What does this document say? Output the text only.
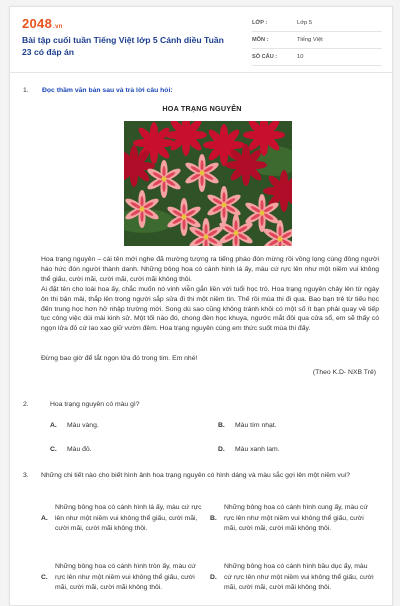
2048.vn
Bài tập cuối tuần Tiếng Việt lớp 5 Cánh diều Tuần 23 có đáp án
LỚP :	Lớp 5
MÔN :	Tiếng Việt
SỐ CÂU :	10
1. Đọc thầm văn bản sau và trả lời câu hỏi:
HOA TRẠNG NGUYÊN
Hoa trạng nguyên – cái tên mới nghe đã mường tượng ra tiếng pháo đón mừng rồi vồng lọng cùng đông người háo hức đón người thành danh. Những bông hoa có cánh hình lá ấy, màu cứ rực lên như một niềm vui không thể giấu, cười mãi, cười mãi, cười mãi không thôi.
Ai đặt tên cho loài hoa ấy, chắc muốn nó vinh viễn gắn liền với tuổi học trò. Hoa trạng nguyên chảy lên từ ngày ôn thi bận mải, thắp lên trong người sắp sửa đi thi một niềm tin. Thế rồi mùa thi đi qua. Bao bạn trẻ từ tiếu học đến trung học hơn hở nhập trường mới. Song dù sao cũng không tránh khỏi có một số ít bạn phải quay về tiếp tục công việc dùi mài kinh sử. Một tối nào đó, chong đèn học khuya, ngước mắt đôi qua cửa sổ, em sẽ thấy có ngọn lửa đỏ cứ lao xao giữ vườn đêm. Hoa trạng nguyên cùng em thức suốt mùa thi đấy.
Đừng bao giờ để tắt ngọn lửa đó trong tim. Em nhé!
(Theo K.D- NXB Trẻ)
2.	Hoa trạng nguyên có màu gì?
A.	Màu vàng.	B.	Màu tím nhạt.
C.	Màu đỏ.	D.	Màu xanh lam.
3. Những chi tiết nào cho biết hình ảnh hoa trạng nguyên có hình dáng và màu sắc gợi lên một niềm vui?
A.
Những bông hoa có cánh hình lá ấy, màu cứ rực lên như một niềm vui không thể giấu, cười mãi, cười mãi, cười mãi không thôi.
B.
Những bông hoa có cánh hình cung ấy, màu cứ rực lên như một niềm vui không thể giấu, cười mãi, cười mãi, cười mãi không thôi.
C.
Những bông hoa có cánh hình tròn ấy, màu cứ rực lên như một niềm vui không thể giấu, cười mãi, cười mãi, cười mãi không thôi.
D.
Những bông hoa có cánh hình bầu dục ấy, màu cứ rực lên như một niềm vui không thể giấu, cười mãi, cười mãi, cười mãi không thôi.
